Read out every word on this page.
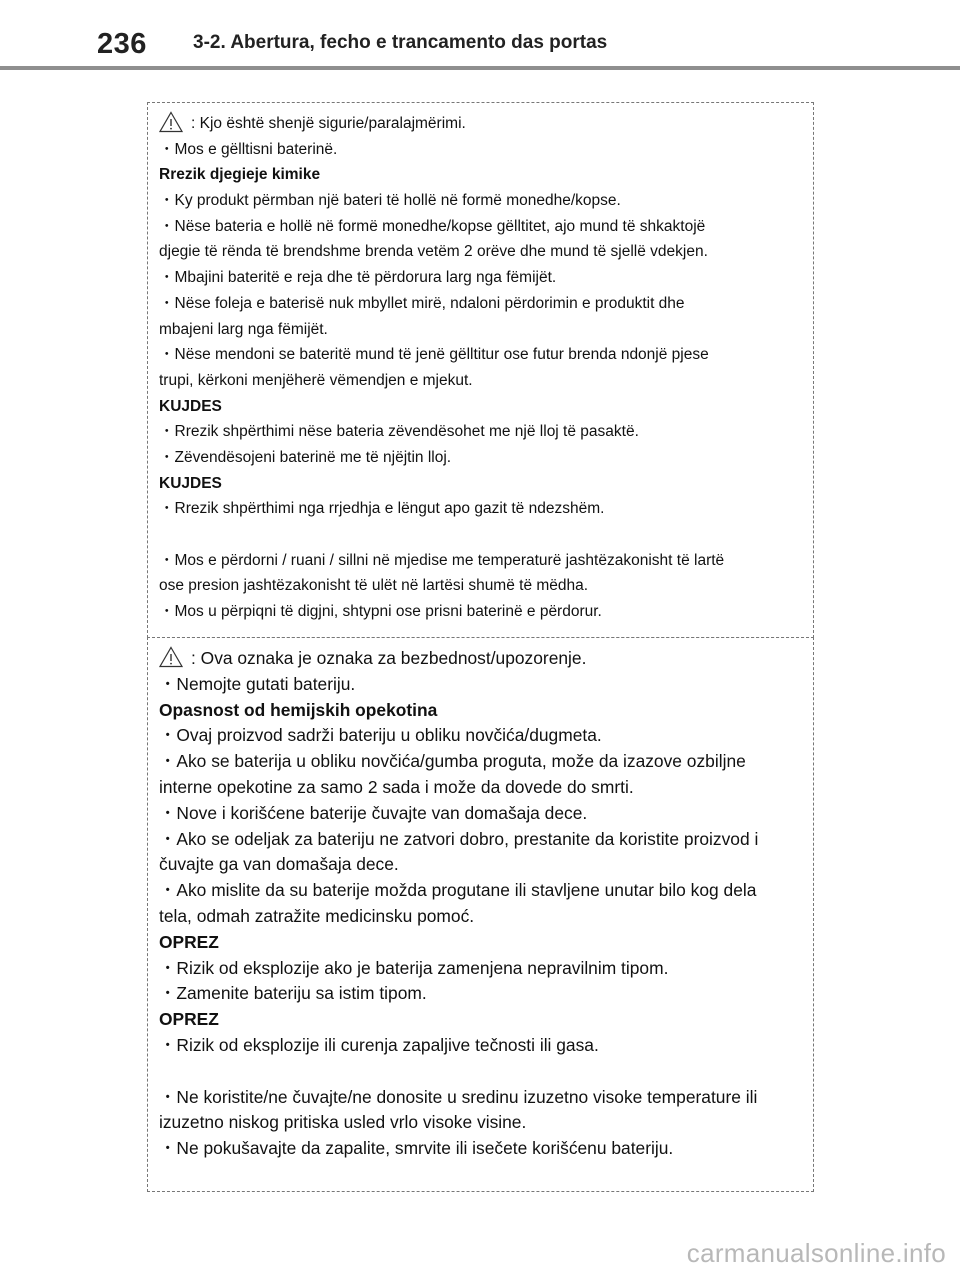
236 3-2. Abertura, fecho e trancamento das portas
: Kjo është shenjë sigurie/paralajmërimi.
・Mos e gëlltisni baterinë.
Rrezik djegieje kimike
・Ky produkt përmban një bateri të hollë në formë monedhe/kopse.
・Nëse bateria e hollë në formë monedhe/kopse gëlltitet, ajo mund të shkaktojë
djegie të rënda të brendshme brenda vetëm 2 orëve dhe mund të sjellë vdekjen.
・Mbajini bateritë e reja dhe të përdorura larg nga fëmijët.
・Nëse foleja e baterisë nuk mbyllet mirë, ndaloni përdorimin e produktit dhe
mbajeni larg nga fëmijët.
・Nëse mendoni se bateritë mund të jenë gëlltitur ose futur brenda ndonjë pjese
trupi, kërkoni menjëherë vëmendjen e mjekut.
KUJDES
・Rrezik shpërthimi nëse bateria zëvendësohet me një lloj të pasaktë.
・Zëvendësojeni baterinë me të njëjtin lloj.
KUJDES
・Rrezik shpërthimi nga rrjedhja e lëngut apo gazit të ndezshëm.
・Mos e përdorni / ruani / sillni në mjedise me temperaturë jashtëzakonisht të lartë
ose presion jashtëzakonisht të ulët në lartësi shumë të mëdha.
・Mos u përpiqni të digjni, shtypni ose prisni baterinë e përdorur.
: Ova oznaka je oznaka za bezbednost/upozorenje.
・Nemojte gutati bateriju.
Opasnost od hemijskih opekotina
・Ovaj proizvod sadrži bateriju u obliku novčića/dugmeta.
・Ako se baterija u obliku novčića/gumba proguta, može da izazove ozbiljne
interne opekotine za samo 2 sada i može da dovede do smrti.
・Nove i korišćene baterije čuvajte van domašaja dece.
・Ako se odeljak za bateriju ne zatvori dobro, prestanite da koristite proizvod i
čuvajte ga van domašaja dece.
・Ako mislite da su baterije možda progutane ili stavljene unutar bilo kog dela
tela, odmah zatražite medicinsku pomoć.
OPREZ
・Rizik od eksplozije ako je baterija zamenjena nepravilnim tipom.
・Zamenite bateriju sa istim tipom.
OPREZ
・Rizik od eksplozije ili curenja zapaljive tečnosti ili gasa.
・Ne koristite/ne čuvajte/ne donosite u sredinu izuzetno visoke temperature ili
izuzetno niskog pritiska usled vrlo visoke visine.
・Ne pokušavajte da zapalite, smrvite ili isečete korišćenu bateriju.
carmanualsonline.info
